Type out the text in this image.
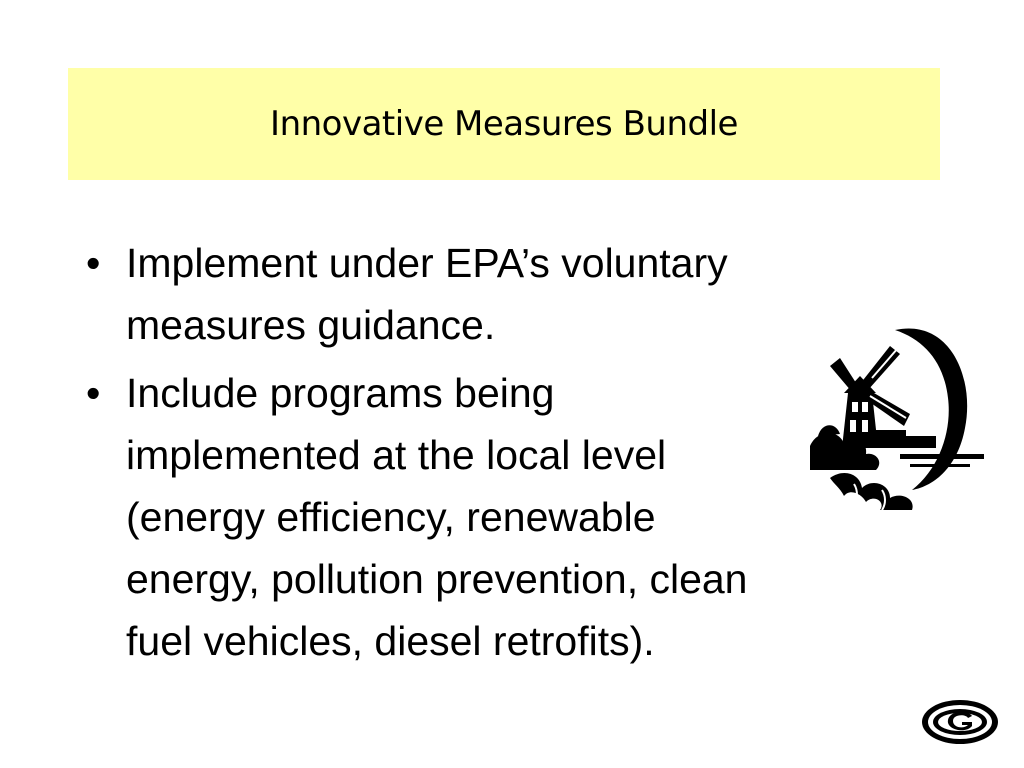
Innovative Measures Bundle
• Implement under EPA’s voluntary measures guidance.
• Include programs being implemented at the local level (energy efficiency, renewable energy, pollution prevention, clean fuel vehicles, diesel retrofits).
